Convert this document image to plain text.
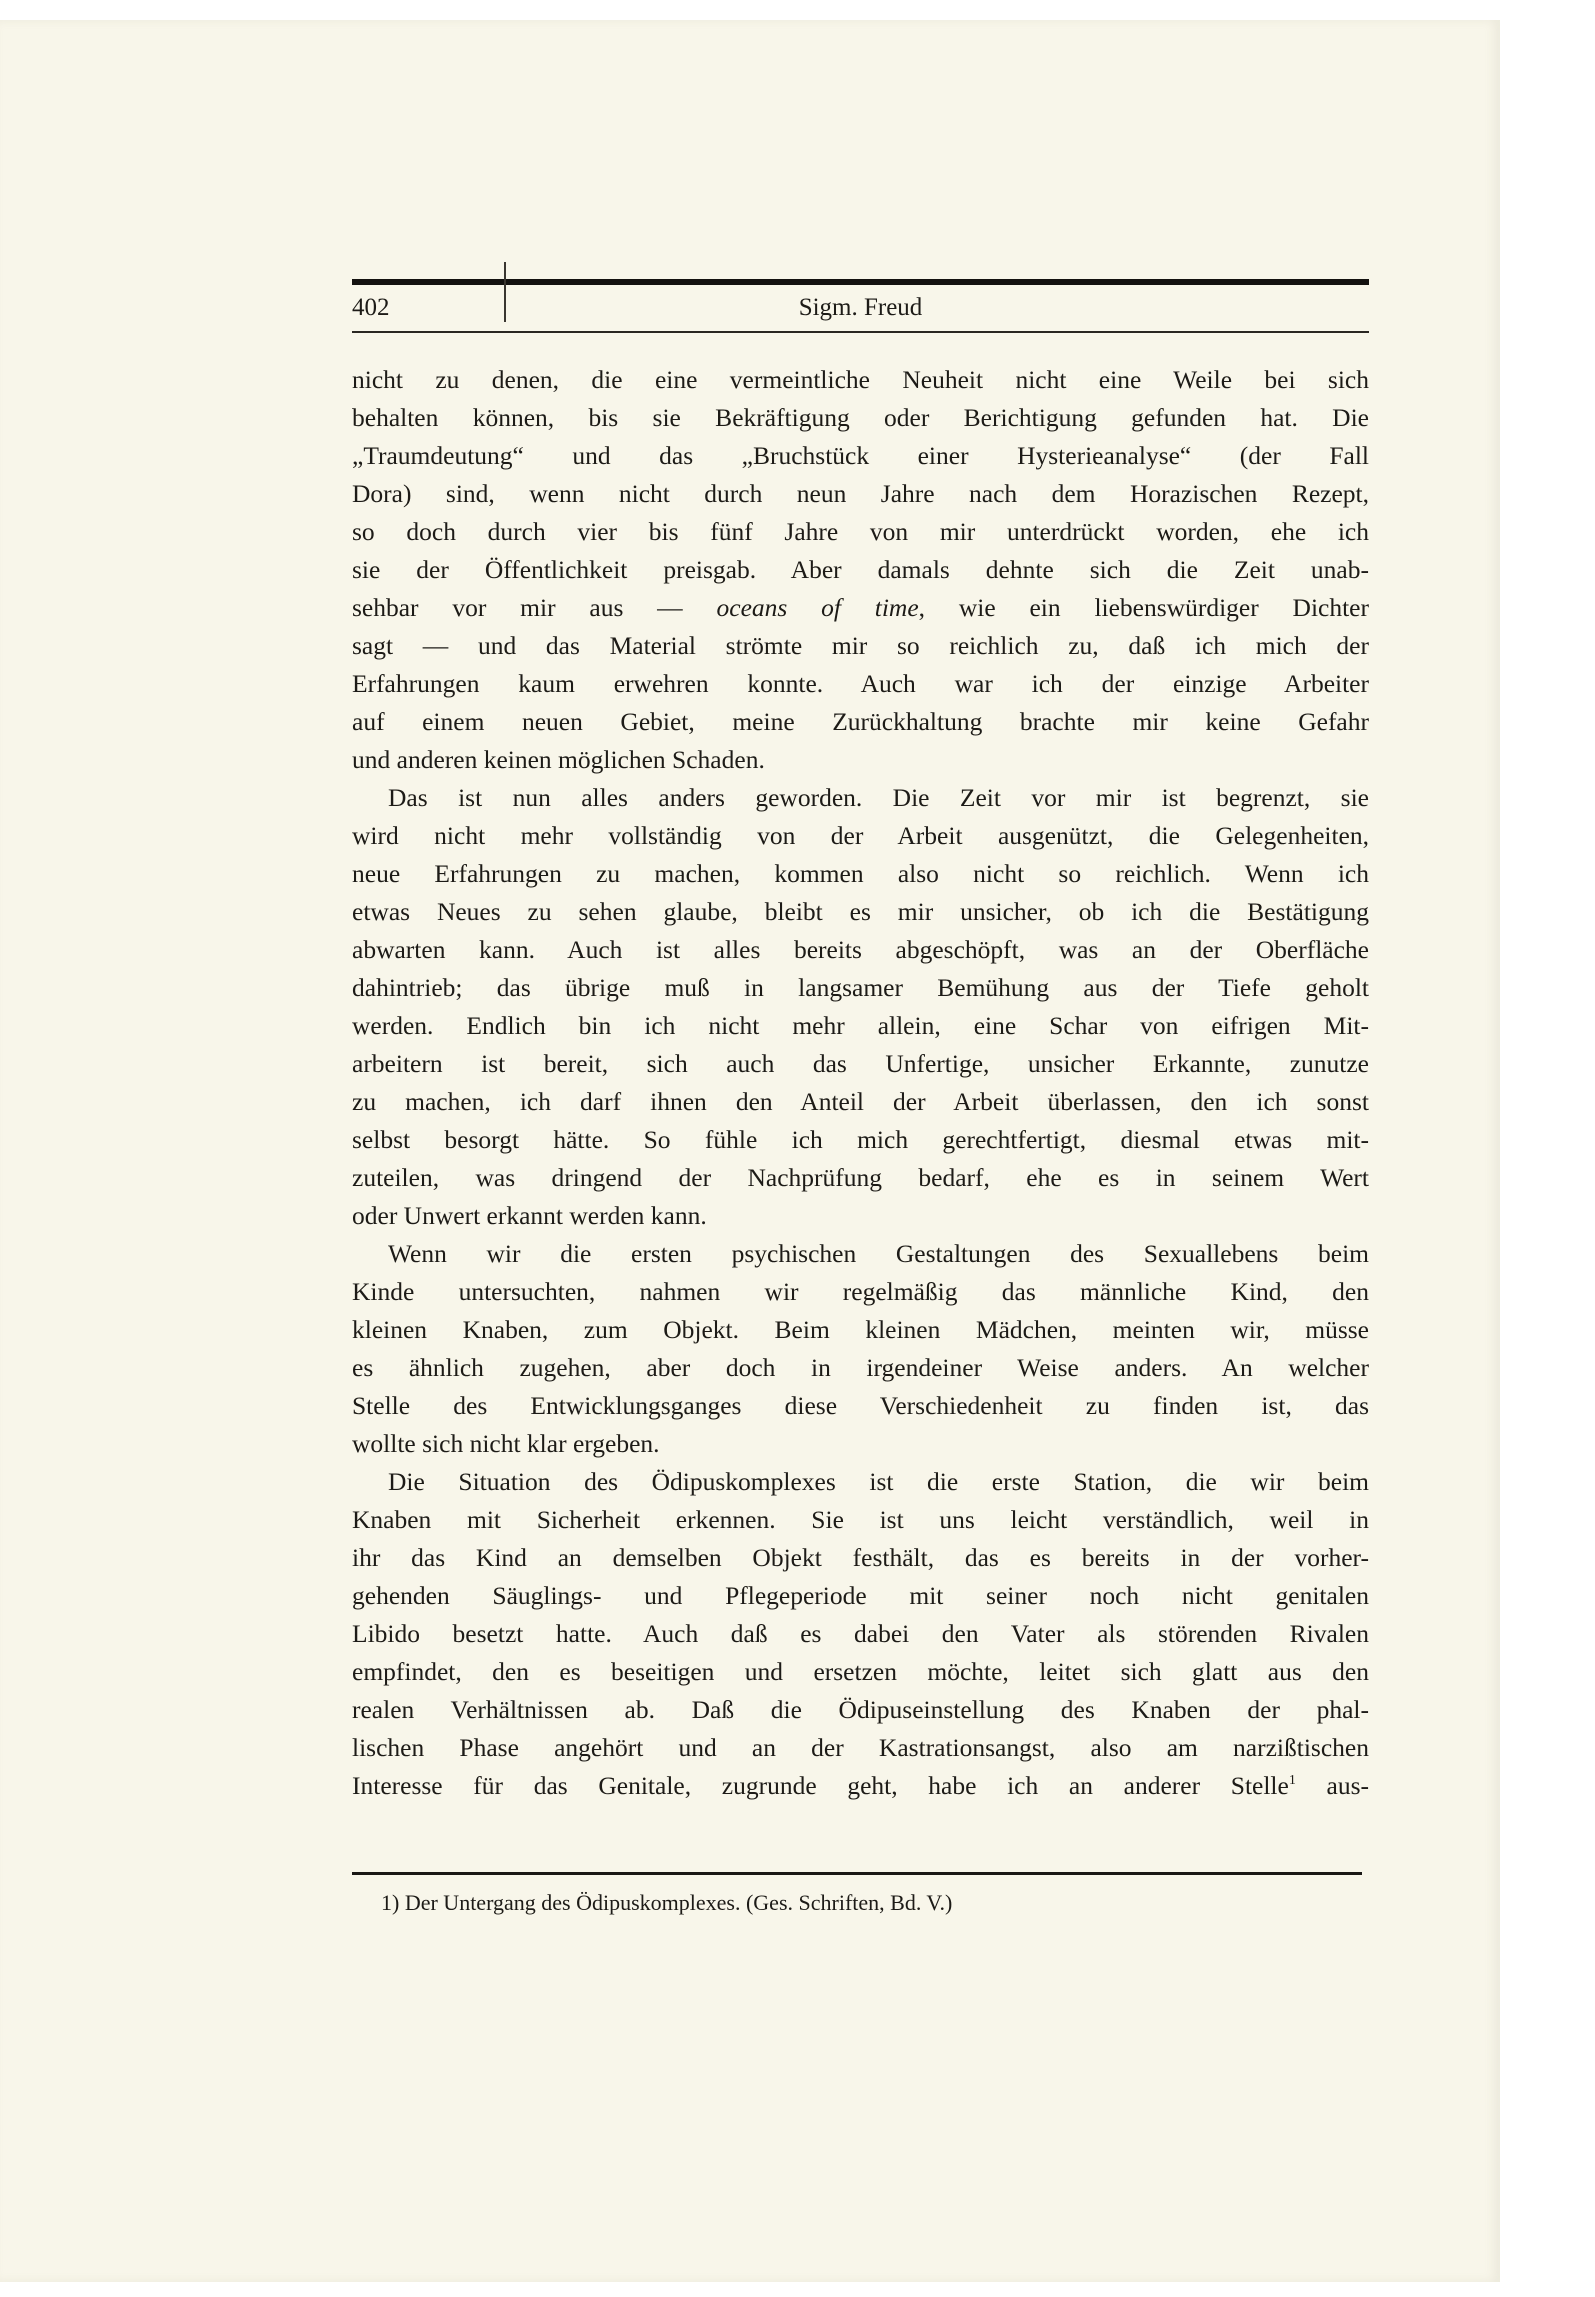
402	Sigm. Freud
nicht zu denen, die eine vermeintliche Neuheit nicht eine Weile bei sich
behalten können, bis sie Bekräftigung oder Berichtigung gefunden hat. Die
„Traumdeutung“ und das „Bruchstück einer Hysterieanalyse“ (der Fall
Dora) sind, wenn nicht durch neun Jahre nach dem Horazischen Rezept,
so doch durch vier bis fünf Jahre von mir unterdrückt worden, ehe ich
sie der Öffentlichkeit preisgab. Aber damals dehnte sich die Zeit unab-
sehbar vor mir aus — oceans of time, wie ein liebenswürdiger Dichter
sagt — und das Material strömte mir so reichlich zu, daß ich mich der
Erfahrungen kaum erwehren konnte. Auch war ich der einzige Arbeiter
auf einem neuen Gebiet, meine Zurückhaltung brachte mir keine Gefahr
und anderen keinen möglichen Schaden.
Das ist nun alles anders geworden. Die Zeit vor mir ist begrenzt, sie
wird nicht mehr vollständig von der Arbeit ausgenützt, die Gelegenheiten,
neue Erfahrungen zu machen, kommen also nicht so reichlich. Wenn ich
etwas Neues zu sehen glaube, bleibt es mir unsicher, ob ich die Bestätigung
abwarten kann. Auch ist alles bereits abgeschöpft, was an der Oberfläche
dahintrieb; das übrige muß in langsamer Bemühung aus der Tiefe geholt
werden. Endlich bin ich nicht mehr allein, eine Schar von eifrigen Mit-
arbeitern ist bereit, sich auch das Unfertige, unsicher Erkannte, zunutze
zu machen, ich darf ihnen den Anteil der Arbeit überlassen, den ich sonst
selbst besorgt hätte. So fühle ich mich gerechtfertigt, diesmal etwas mit-
zuteilen, was dringend der Nachprüfung bedarf, ehe es in seinem Wert
oder Unwert erkannt werden kann.
Wenn wir die ersten psychischen Gestaltungen des Sexuallebens beim
Kinde untersuchten, nahmen wir regelmäßig das männliche Kind, den
kleinen Knaben, zum Objekt. Beim kleinen Mädchen, meinten wir, müsse
es ähnlich zugehen, aber doch in irgendeiner Weise anders. An welcher
Stelle des Entwicklungsganges diese Verschiedenheit zu finden ist, das
wollte sich nicht klar ergeben.
Die Situation des Ödipuskomplexes ist die erste Station, die wir beim
Knaben mit Sicherheit erkennen. Sie ist uns leicht verständlich, weil in
ihr das Kind an demselben Objekt festhält, das es bereits in der vorher-
gehenden Säuglings- und Pflegeperiode mit seiner noch nicht genitalen
Libido besetzt hatte. Auch daß es dabei den Vater als störenden Rivalen
empfindet, den es beseitigen und ersetzen möchte, leitet sich glatt aus den
realen Verhältnissen ab. Daß die Ödipuseinstellung des Knaben der phal-
lischen Phase angehört und an der Kastrationsangst, also am narzißtischen
Interesse für das Genitale, zugrunde geht, habe ich an anderer Stelle$^1$ aus-
1) Der Untergang des Ödipuskomplexes. (Ges. Schriften, Bd. V.)
